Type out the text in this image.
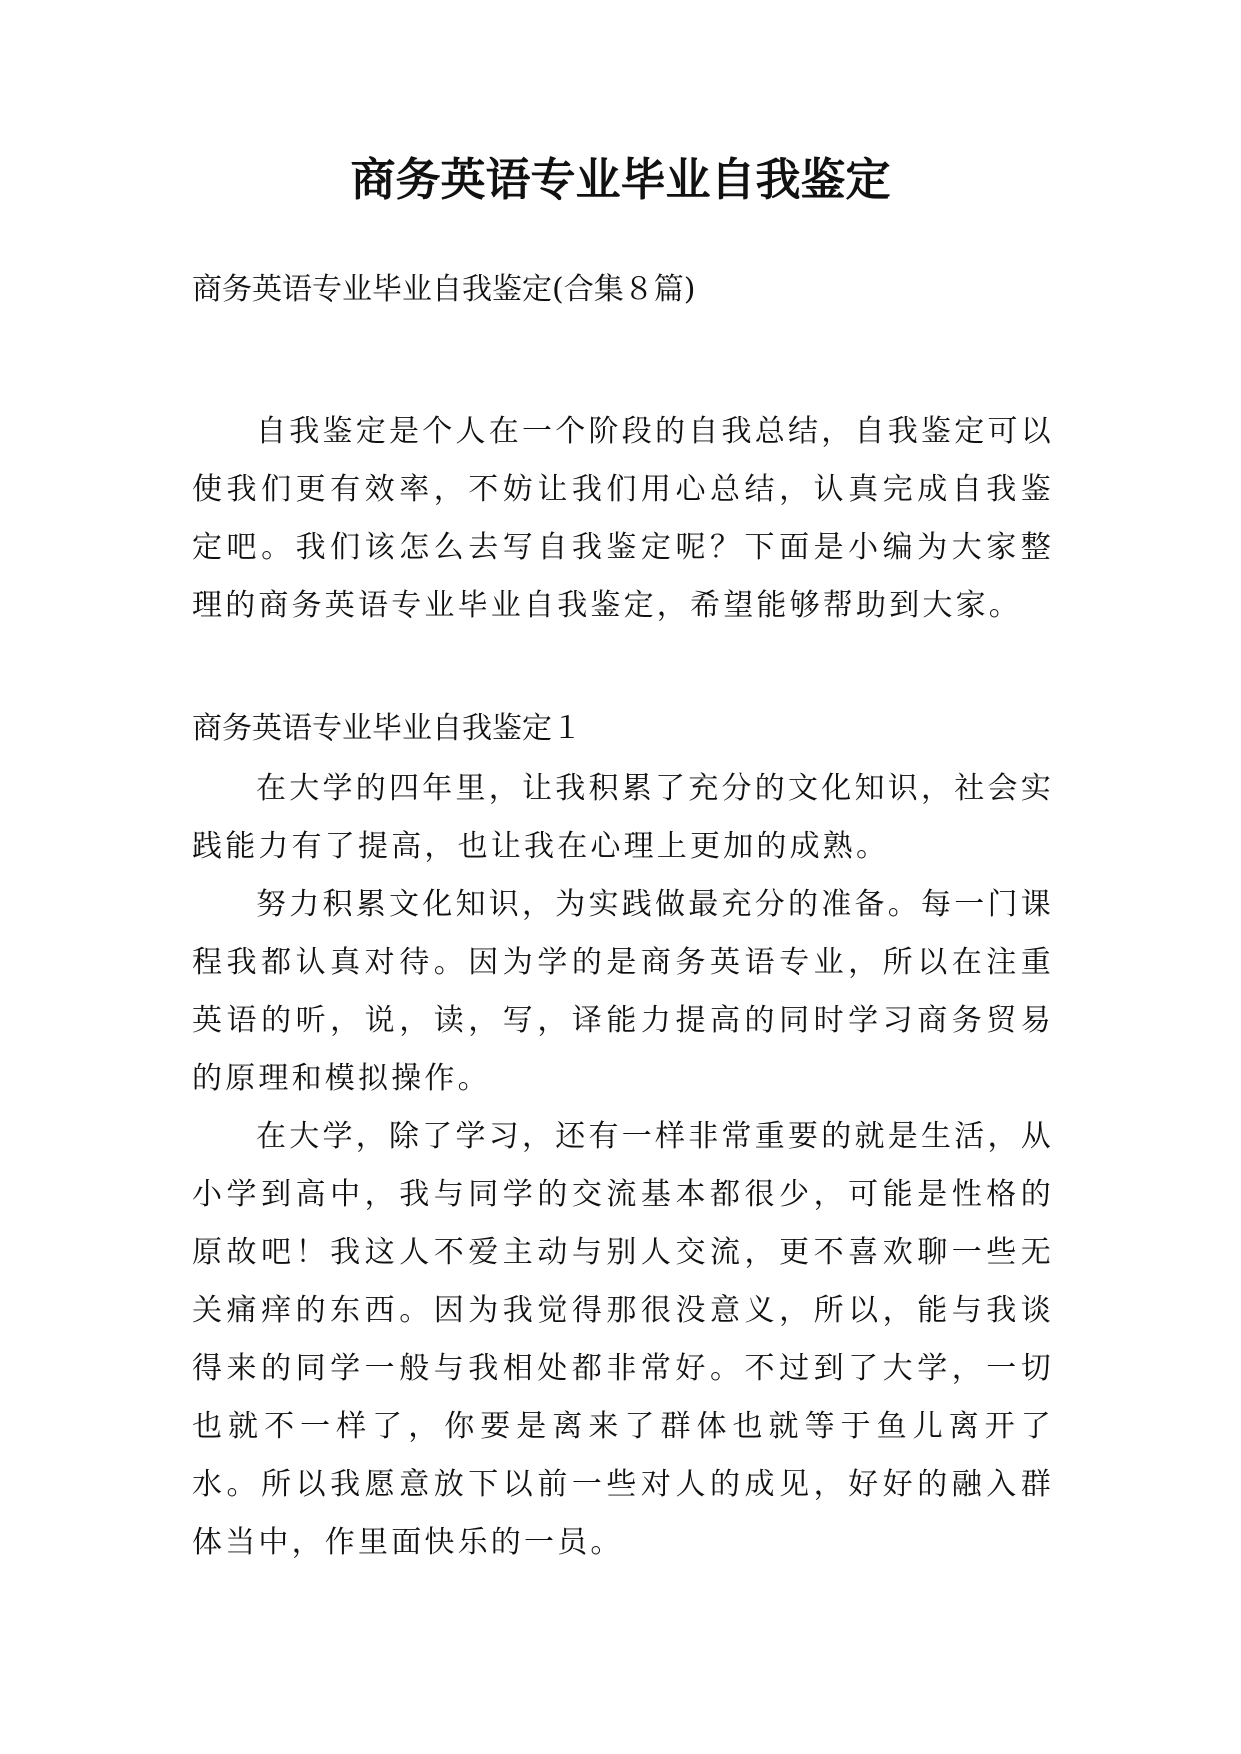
商务英语专业毕业自我鉴定
商务英语专业毕业自我鉴定(合集８篇)

自我鉴定是个人在一个阶段的自我总结，自我鉴定可以使我们更有效率，不妨让我们用心总结，认真完成自我鉴定吧。我们该怎么去写自我鉴定呢？下面是小编为大家整理的商务英语专业毕业自我鉴定，希望能够帮助到大家。

商务英语专业毕业自我鉴定１

在大学的四年里，让我积累了充分的文化知识，社会实践能力有了提高，也让我在心理上更加的成熟。

努力积累文化知识，为实践做最充分的准备。每一门课程我都认真对待。因为学的是商务英语专业，所以在注重英语的听，说，读，写，译能力提高的同时学习商务贸易的原理和模拟操作。

在大学，除了学习，还有一样非常重要的就是生活，从小学到高中，我与同学的交流基本都很少，可能是性格的原故吧！我这人不爱主动与别人交流，更不喜欢聊一些无关痛痒的东西。因为我觉得那很没意义，所以，能与我谈得来的同学一般与我相处都非常好。不过到了大学，一切也就不一样了，你要是离来了群体也就等于鱼儿离开了水。所以我愿意放下以前一些对人的成见，好好的融入群体当中，作里面快乐的一员。
